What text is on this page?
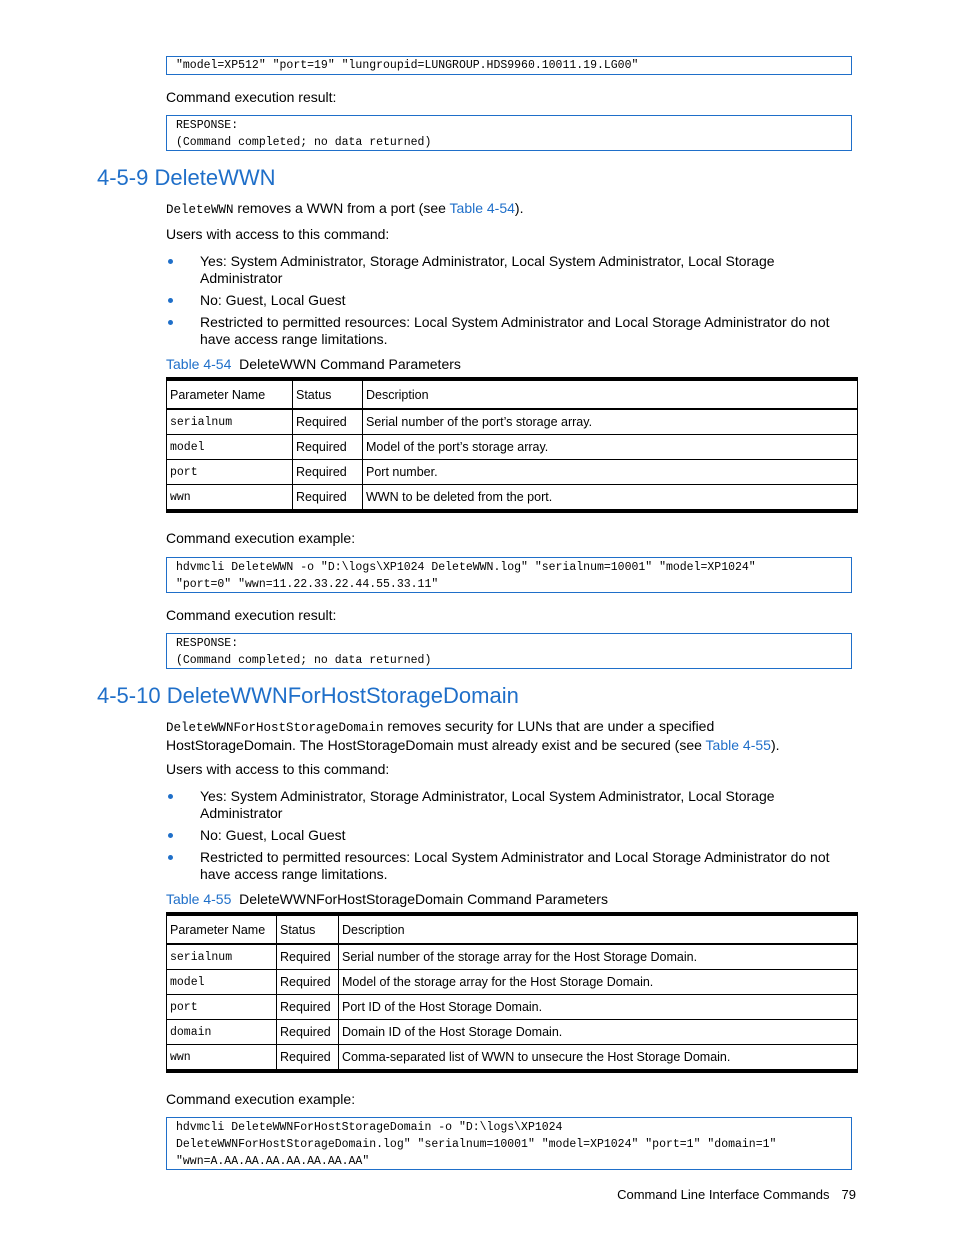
"model=XP512" "port=19" "lungroupid=LUNGROUP.HDS9960.10011.19.LG00"
Command execution result:
RESPONSE:
(Command completed; no data returned)
4-5-9 DeleteWWN
DeleteWWN removes a WWN from a port (see Table 4-54).
Users with access to this command:
Yes: System Administrator, Storage Administrator, Local System Administrator, Local Storage Administrator
No: Guest, Local Guest
Restricted to permitted resources: Local System Administrator and Local Storage Administrator do not have access range limitations.
Table 4-54 DeleteWWN Command Parameters
Parameter Name	Status	Description
serialnum	Required	Serial number of the port’s storage array.
model	Required	Model of the port’s storage array.
port	Required	Port number.
wwn	Required	WWN to be deleted from the port.
Command execution example:
hdvmcli DeleteWWN -o "D:\logs\XP1024 DeleteWWN.log" "serialnum=10001" "model=XP1024"
"port=0" "wwn=11.22.33.22.44.55.33.11"
Command execution result:
RESPONSE:
(Command completed; no data returned)
4-5-10 DeleteWWNForHostStorageDomain
DeleteWWNForHostStorageDomain removes security for LUNs that are under a specified HostStorageDomain. The HostStorageDomain must already exist and be secured (see Table 4-55).
Users with access to this command:
Yes: System Administrator, Storage Administrator, Local System Administrator, Local Storage Administrator
No: Guest, Local Guest
Restricted to permitted resources: Local System Administrator and Local Storage Administrator do not have access range limitations.
Table 4-55 DeleteWWNForHostStorageDomain Command Parameters
Parameter Name	Status	Description
serialnum	Required	Serial number of the storage array for the Host Storage Domain.
model	Required	Model of the storage array for the Host Storage Domain.
port	Required	Port ID of the Host Storage Domain.
domain	Required	Domain ID of the Host Storage Domain.
wwn	Required	Comma-separated list of WWN to unsecure the Host Storage Domain.
Command execution example:
hdvmcli DeleteWWNForHostStorageDomain -o "D:\logs\XP1024
DeleteWWNForHostStorageDomain.log" "serialnum=10001" "model=XP1024" "port=1" "domain=1"
"wwn=A.AA.AA.AA.AA.AA.AA.AA"
Command Line Interface Commands 79
